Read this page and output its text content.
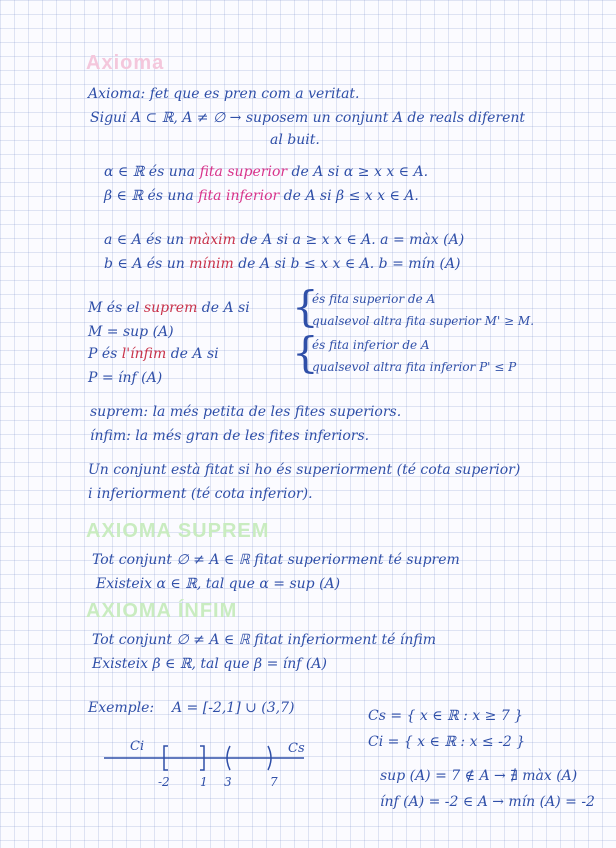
Axioma
Axioma: fet que es pren com a veritat.
Sigui A ⊂ ℝ, A ≠ ∅ → suposem un conjunt A de reals diferent
al buit.
α ∈ ℝ és una fita superior de A si α ≥ x x ∈ A.
β ∈ ℝ és una fita inferior de A si β ≤ x x ∈ A.
a ∈ A és un màxim de A si a ≥ x x ∈ A. a = màx (A)
b ∈ A és un mínim de A si b ≤ x x ∈ A. b = mín (A)
M és el suprem de A si
M = sup (A)
{
és fita superior de A
qualsevol altra fita superior M' ≥ M.
P és l'ínfim de A si
P = ínf (A)
{
és fita inferior de A
qualsevol altra fita inferior P' ≤ P
suprem: la més petita de les fites superiors.
ínfim: la més gran de les fites inferiors.
Un conjunt està fitat si ho és superiorment (té cota superior)
i inferiorment (té cota inferior).
AXIOMA SUPREM
Tot conjunt ∅ ≠ A ∈ ℝ fitat superiorment té suprem
Existeix α ∈ ℝ, tal que α = sup (A)
AXIOMA ÍNFIM
Tot conjunt ∅ ≠ A ∈ ℝ fitat inferiorment té ínfim
Existeix β ∈ ℝ, tal que β = ínf (A)
Exemple: A = [-2,1] ∪ (3,7)	Cs = { x ∈ ℝ : x ≥ 7 }
Ci = { x ∈ ℝ : x ≤ -2 }
sup (A) = 7 ∉ A → ∄ màx (A)
ínf (A) = -2 ∈ A → mín (A) = -2
Ci	Cs
-2	1 3	7
